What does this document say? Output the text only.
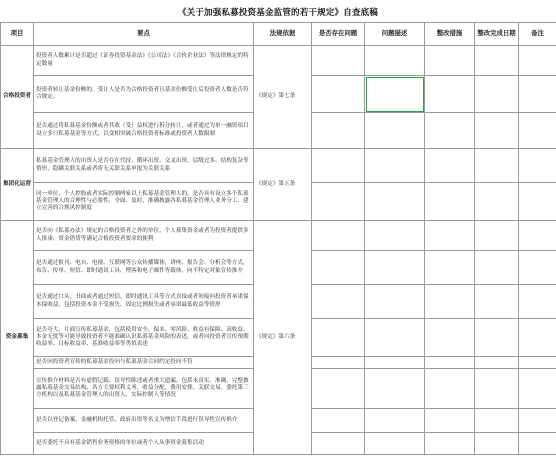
《关于加强私募投资基金监管的若干规定》自查底稿
项目	要点	法规依据	是否存在问题	问题描述	整改措施	整改完成日期	备注
合格投资者	投资者人数累计是否超过《证券投资基金法》《公司法》《合伙企业法》等法律规定的特定数量	《规定》第七条					
	投资者转让基金份额的，受让人是否为合格投资者且基金份额受让后投资者人数是否符合规定。						
	是否通过将私募基金份额或者其收（受）益权进行拆分转让，或者通过为单一融资项目设立多只私募基金等方式，以变相突破合格投资者标准或投资者人数限制						
集团化运营	私募基金管理人的出资人是否存在代持、循环出资、交叉出资、层级过多、结构复杂等情形，隐瞒关联关系或者将无关联关系申报为关联关系	《规定》第五条					
	同一单位、个人控股或者实际控制两家以上私募基金管理人的，是否具有设立多个私募基金管理人的合理性与必要性，全面、及时、准确披露各私募基金管理人业务分工，建立完善的合规风控制度						
资金募集	是否向《私募办法》规定的合格投资者之外的单位、个人募集资金或者为投资者提供多人拼凑、资金借贷等满足合格投资者要求的便利	《规定》第六条					
	是否通过报刊、电台、电视、互联网等公众传播媒体，讲座、报告会、分析会等方式，布告、传单、短信、即时通讯工具、博客和电子邮件等载体，向不特定对象宣传推介						
	是否通过口头、书面或者通过短信、即时通讯工具等方式直接或者间接向投资者承诺保本保收益，包括投资本金不受损失、固定比例损失或者承诺最低收益等情形						
	是否夸大、片面宣传私募基金，包括使用安全、保本、零风险、收益有保障、高收益、本金无忧等可能导致投资者不能准确认识私募基金风险的表述，或者向投资者宣传预期收益率、目标收益率、基准收益率等类似表述						
	是否向投资者宣传的私募基金投向与私募基金合同约定投向不符						
	宣传推介材料是否有虚假记载、误导性陈述或者重大遗漏，包括未真实、准确、完整披露私募基金交易结构、各方主要权利义务、收益分配、费用安排、关联交易、委托第三方机构以及私募基金管理人的出资人、实际控制人等情况						
	是否以登记备案、金融机构托管、政府出资等名义为增信手段进行误导性宣传推介						
	是否委托不具有基金销售业务资格的单位或者个人从事资金募集活动						
